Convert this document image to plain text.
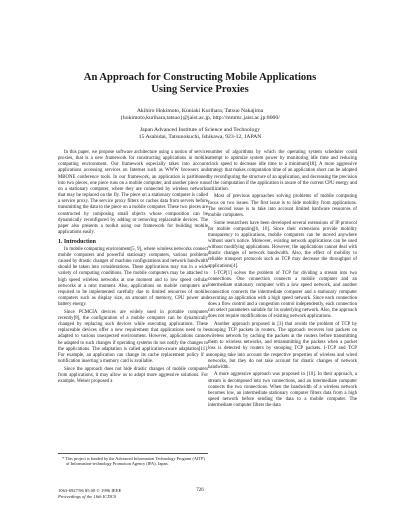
An Approach for Constructing Mobile Applications
Using Service Proxies
Akihiro Hokimoto, Kuniaki Kurihara, Tatsuo Nakajima
{hokimoto,kurihara,tatsuo}@jaist.ac.jp, http://mmmc.jaist.ac.jp:8000/
Japan Advanced Institute of Science and Technology
15 Asahidai, Tatsunokuchi, Ishikawa, 923-12, JAPAN

In this paper, we propose software architecture using a notion of service proxies, that is a new framework for constructing applications in mobile computing environment. Our framework especially takes into account applications accessing services on Internet such as WWW browsers and MBONE conference tools. In our framework, an application is partitioned into two pieces, one piece runs on a mobile computer, and another piece runs on a stationary computer, where they are connected by wireless networks that may be replaced on the fly. The piece on a stationary computer is called a service proxy. The service proxy filters or caches data from servers before transmitting the data to the piece on a mobile computer. These two pieces are constructed by composing small objects whose composition can be dynamically reconfigured by adding or removing replaceable devices. The paper also presents a toolkit using our framework for building mobile applications easily.

1. Introduction

In mobile computing environment[5, 9], where wireless networks connect mobile computers and powerful stationary computers, various problems caused by drastic changes of machine configurations and network bandwidth should be taken into considerations. These applications may run in a wide variety of computing conditions. The mobile computers may be attached to high speed wireless networks at one moment and to low speed cellular networks at a next moment. Also, applications on mobile computers are required to be implemented carefully due to limited resources of mobile computers such as display size, an amount of memory, CPU power and battery energy.

Since PCMCIA devices are widely used in portable computers recently[8], the configuration of a mobile computer can be dynamically changed by replacing such devices while executing applications. These replaceable devices offer a new requirement that applications need to be adapted to various unexpected environment. However, applications cannot be adapted to such changes if operating systems do not notify the changes to the applications. The adaptation is called application-aware adaptation[11]. For example, an application can change its cache replacement policy if a notification inserting a memory card is available.

Since the approach does not hide drastic changes of mobile computers from applications, it may allow us to adopt more aggressive solutions. For example, Weiser proposed a

number of algorithms by which the operating system scheduler could attempt to optimize system power by monitoring idle time and reducing clock speed to decrease idle time to a minimum[18]. A more aggressive strategy that makes computation time of an application short can be adopted by reconfiguring the structure of an application, and decreasing the precision of the computation if the application is aware of the current CPU energy and utilization.

Most of previous approaches solving problems of mobile computing focus on two issues. The first issue is to hide mobility from applications. The second issue is to take into account limited hardware resources of mobile computers.

Some researchers have been developed several extensions of IP protocol for mobile computing[6, 16]. Since their extensions provide mobility transparency to applications, mobile computers can be moved anywhere without user's notice. Moreover, existing network applications can be used without modifying applications. However, the applications cannot deal with drastic changes of network bandwidth. Also, the effect of mobility to reliable transport protocols such as TCP may decrease the throughput of applications[4].

I-TCP[1] solves the problem of TCP for dividing a stream into two connections. One connection connects a mobile computer and an intermediate stationary computer with a low speed network, and another connection connects the intermediate computer and a stationary computer executing an application with a high speed network. Since each connection does a flow control and a congestion control independently, each connection can select parameters suitable for its underlying network. Also, the approach does not require modifications of existing network applications.

Another approach proposed in [3] that avoids the problem of TCP by snooping TCP packets in routers. The approach recovers lost packets on wireless network by caching the packets at the routers before transmitting them to wireless networks, and retransmitting the packets when a packet loss is detected by routers by snooping TCP packets. I-TCP and TCP snooping take into account the respective properties of wireless and wired networks, but they do not take account for drastic changes of network bandwidth.

A more aggressive approach was proposed in [10]. In their approach, a stream is decomposed into two connections, and an intermediate computer connects the two connections. When the bandwidth of a wireless network becomes low, an intermediate stationary computer filters data from a high speed network before sending the data to a mobile computer. The intermediate computer filters the data

* This project is funded by the Advanced Information Technology Program (AITP) of Information-technology Promotion Agency (IPA), Japan.

1063-6927/96 $5.00 © 1996 IEEE
Proceedings of the 16th ICDCS
726
